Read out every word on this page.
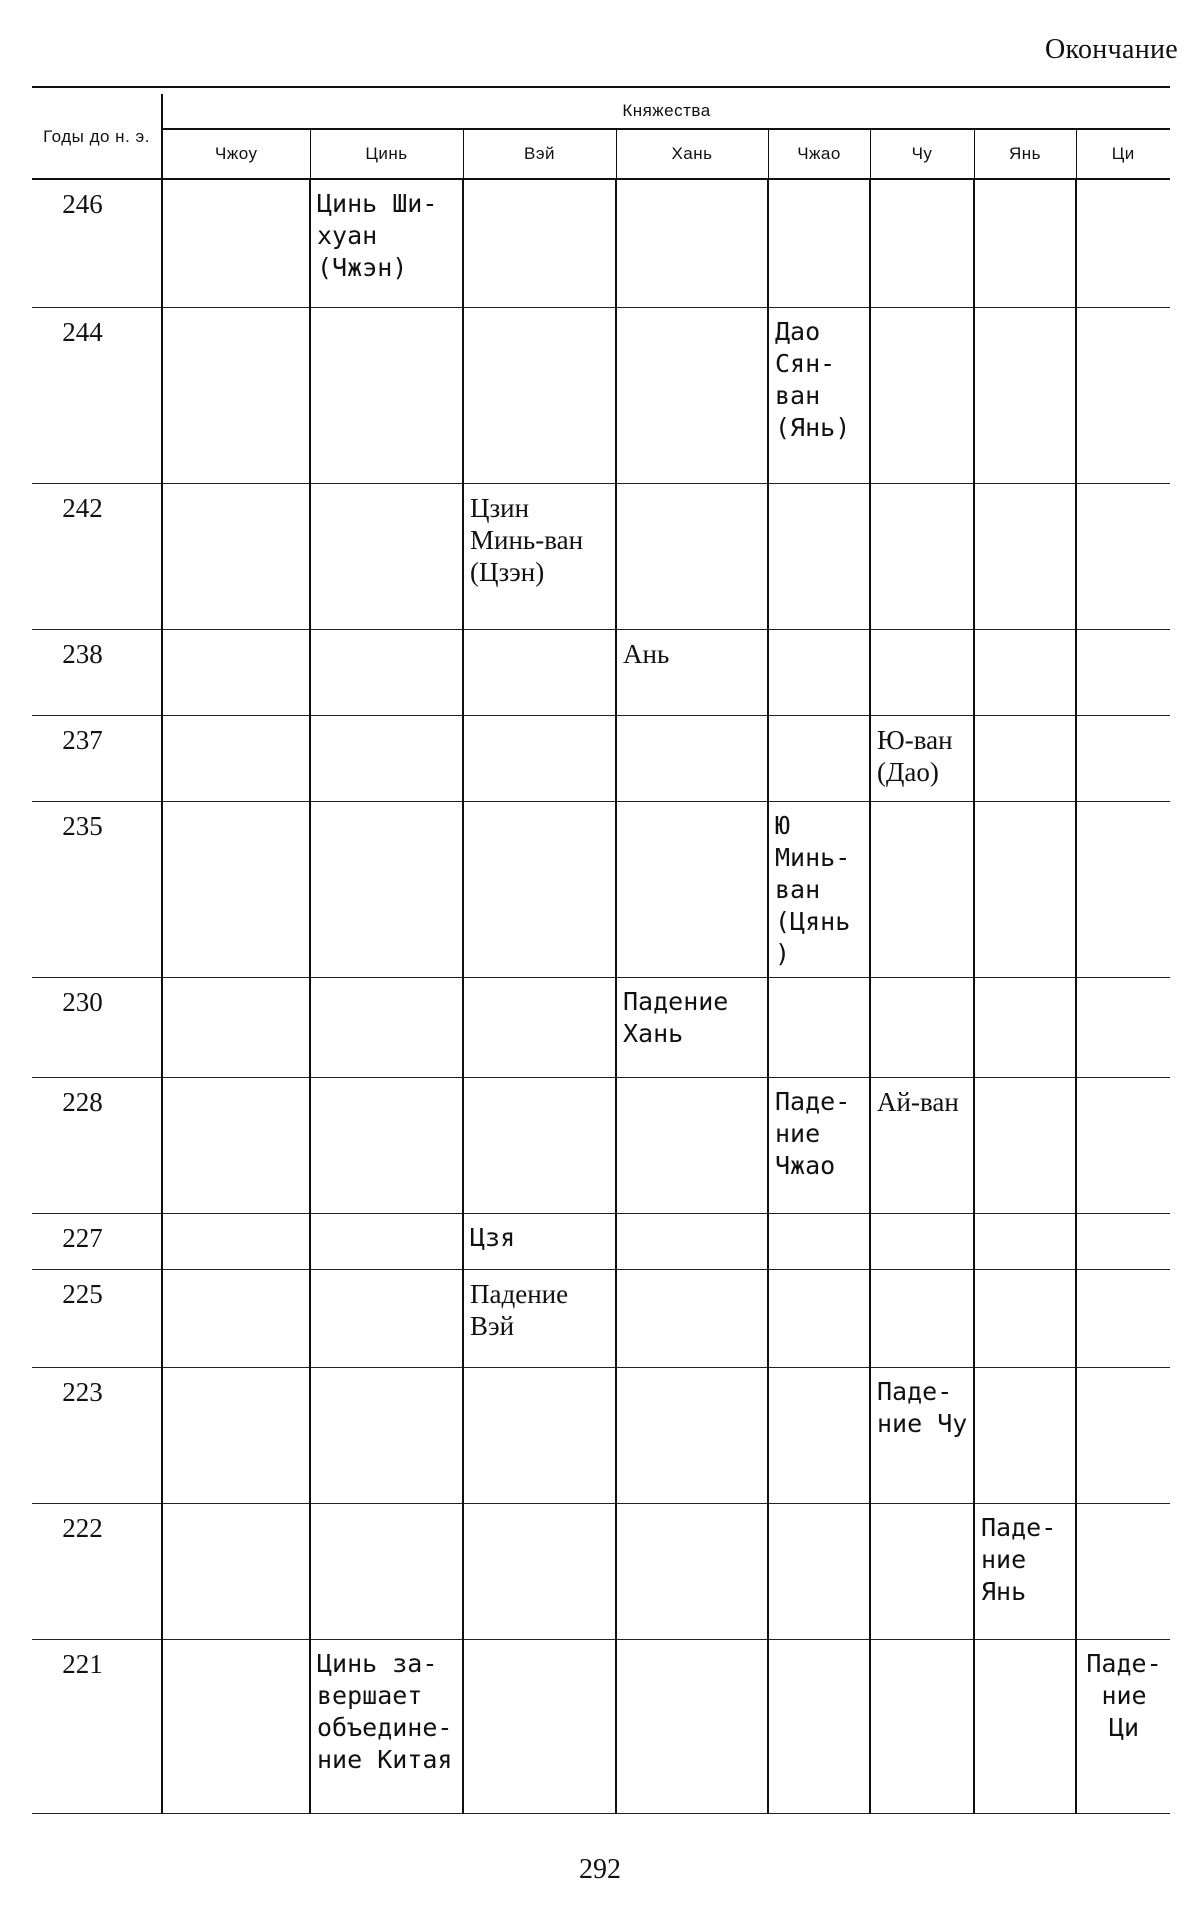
Окончание
Годы до н. э.	Княжества							
	Чжоу	Цинь	Вэй	Хань	Чжао	Чу	Янь	Ци
246		Цинь Ши-хуан (Чжэн)						
244					Дао Сян-ван (Янь)			
242			Цзин Минь-ван (Цзэн)					
238				Ань				
237						Ю-ван (Дао)		
235					Ю Минь-ван (Цянь)			
230				Падение Хань				
228					Паде-ние Чжао	Ай-ван		
227			Цзя					
225			Падение Вэй					
223						Паде-ние Чу		
222							Паде-ние Янь	
221		Цинь за-вершает объедине-ние Китая						Паде-ние Ци
292
